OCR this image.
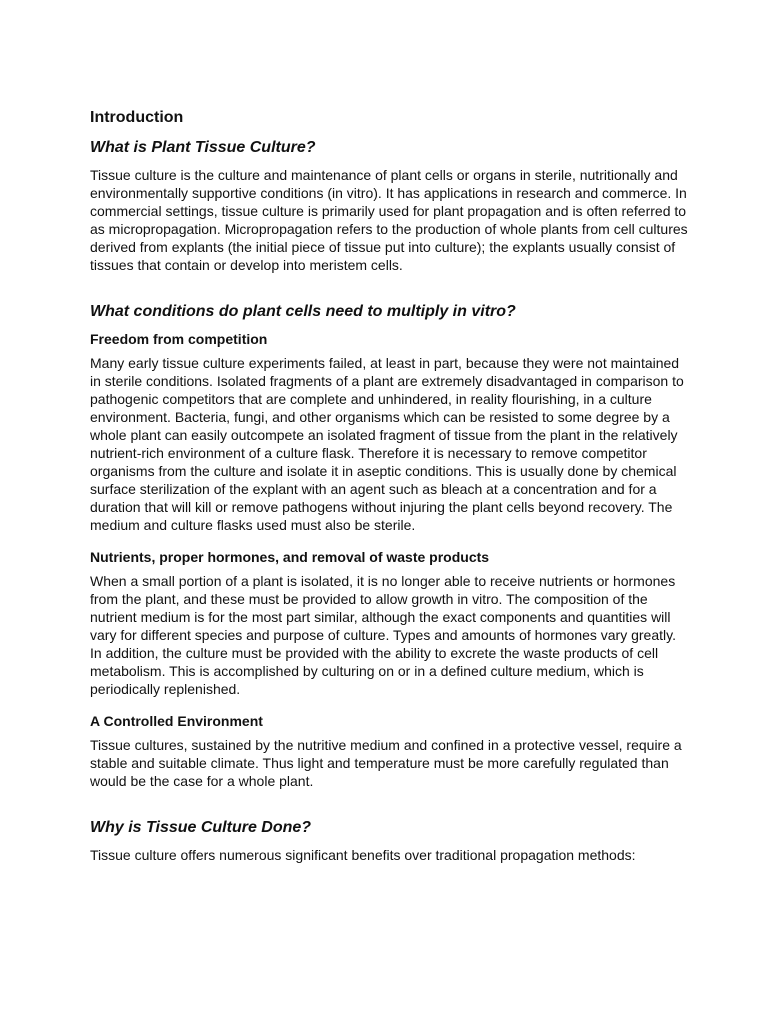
Introduction
What is Plant Tissue Culture?

Tissue culture is the culture and maintenance of plant cells or organs in sterile, nutritionally and environmentally supportive conditions (in vitro). It has applications in research and commerce. In commercial settings, tissue culture is primarily used for plant propagation and is often referred to as micropropagation. Micropropagation refers to the production of whole plants from cell cultures derived from explants (the initial piece of tissue put into culture); the explants usually consist of tissues that contain or develop into meristem cells.

What conditions do plant cells need to multiply in vitro?
Freedom from competition

Many early tissue culture experiments failed, at least in part, because they were not maintained in sterile conditions. Isolated fragments of a plant are extremely disadvantaged in comparison to pathogenic competitors that are complete and unhindered, in reality flourishing, in a culture environment. Bacteria, fungi, and other organisms which can be resisted to some degree by a whole plant can easily outcompete an isolated fragment of tissue from the plant in the relatively nutrient-rich environment of a culture flask. Therefore it is necessary to remove competitor organisms from the culture and isolate it in aseptic conditions. This is usually done by chemical surface sterilization of the explant with an agent such as bleach at a concentration and for a duration that will kill or remove pathogens without injuring the plant cells beyond recovery. The medium and culture flasks used must also be sterile.

Nutrients, proper hormones, and removal of waste products

When a small portion of a plant is isolated, it is no longer able to receive nutrients or hormones from the plant, and these must be provided to allow growth in vitro. The composition of the nutrient medium is for the most part similar, although the exact components and quantities will vary for different species and purpose of culture. Types and amounts of hormones vary greatly. In addition, the culture must be provided with the ability to excrete the waste products of cell metabolism. This is accomplished by culturing on or in a defined culture medium, which is periodically replenished.

A Controlled Environment

Tissue cultures, sustained by the nutritive medium and confined in a protective vessel, require a stable and suitable climate. Thus light and temperature must be more carefully regulated than would be the case for a whole plant.

Why is Tissue Culture Done?

Tissue culture offers numerous significant benefits over traditional propagation methods:
